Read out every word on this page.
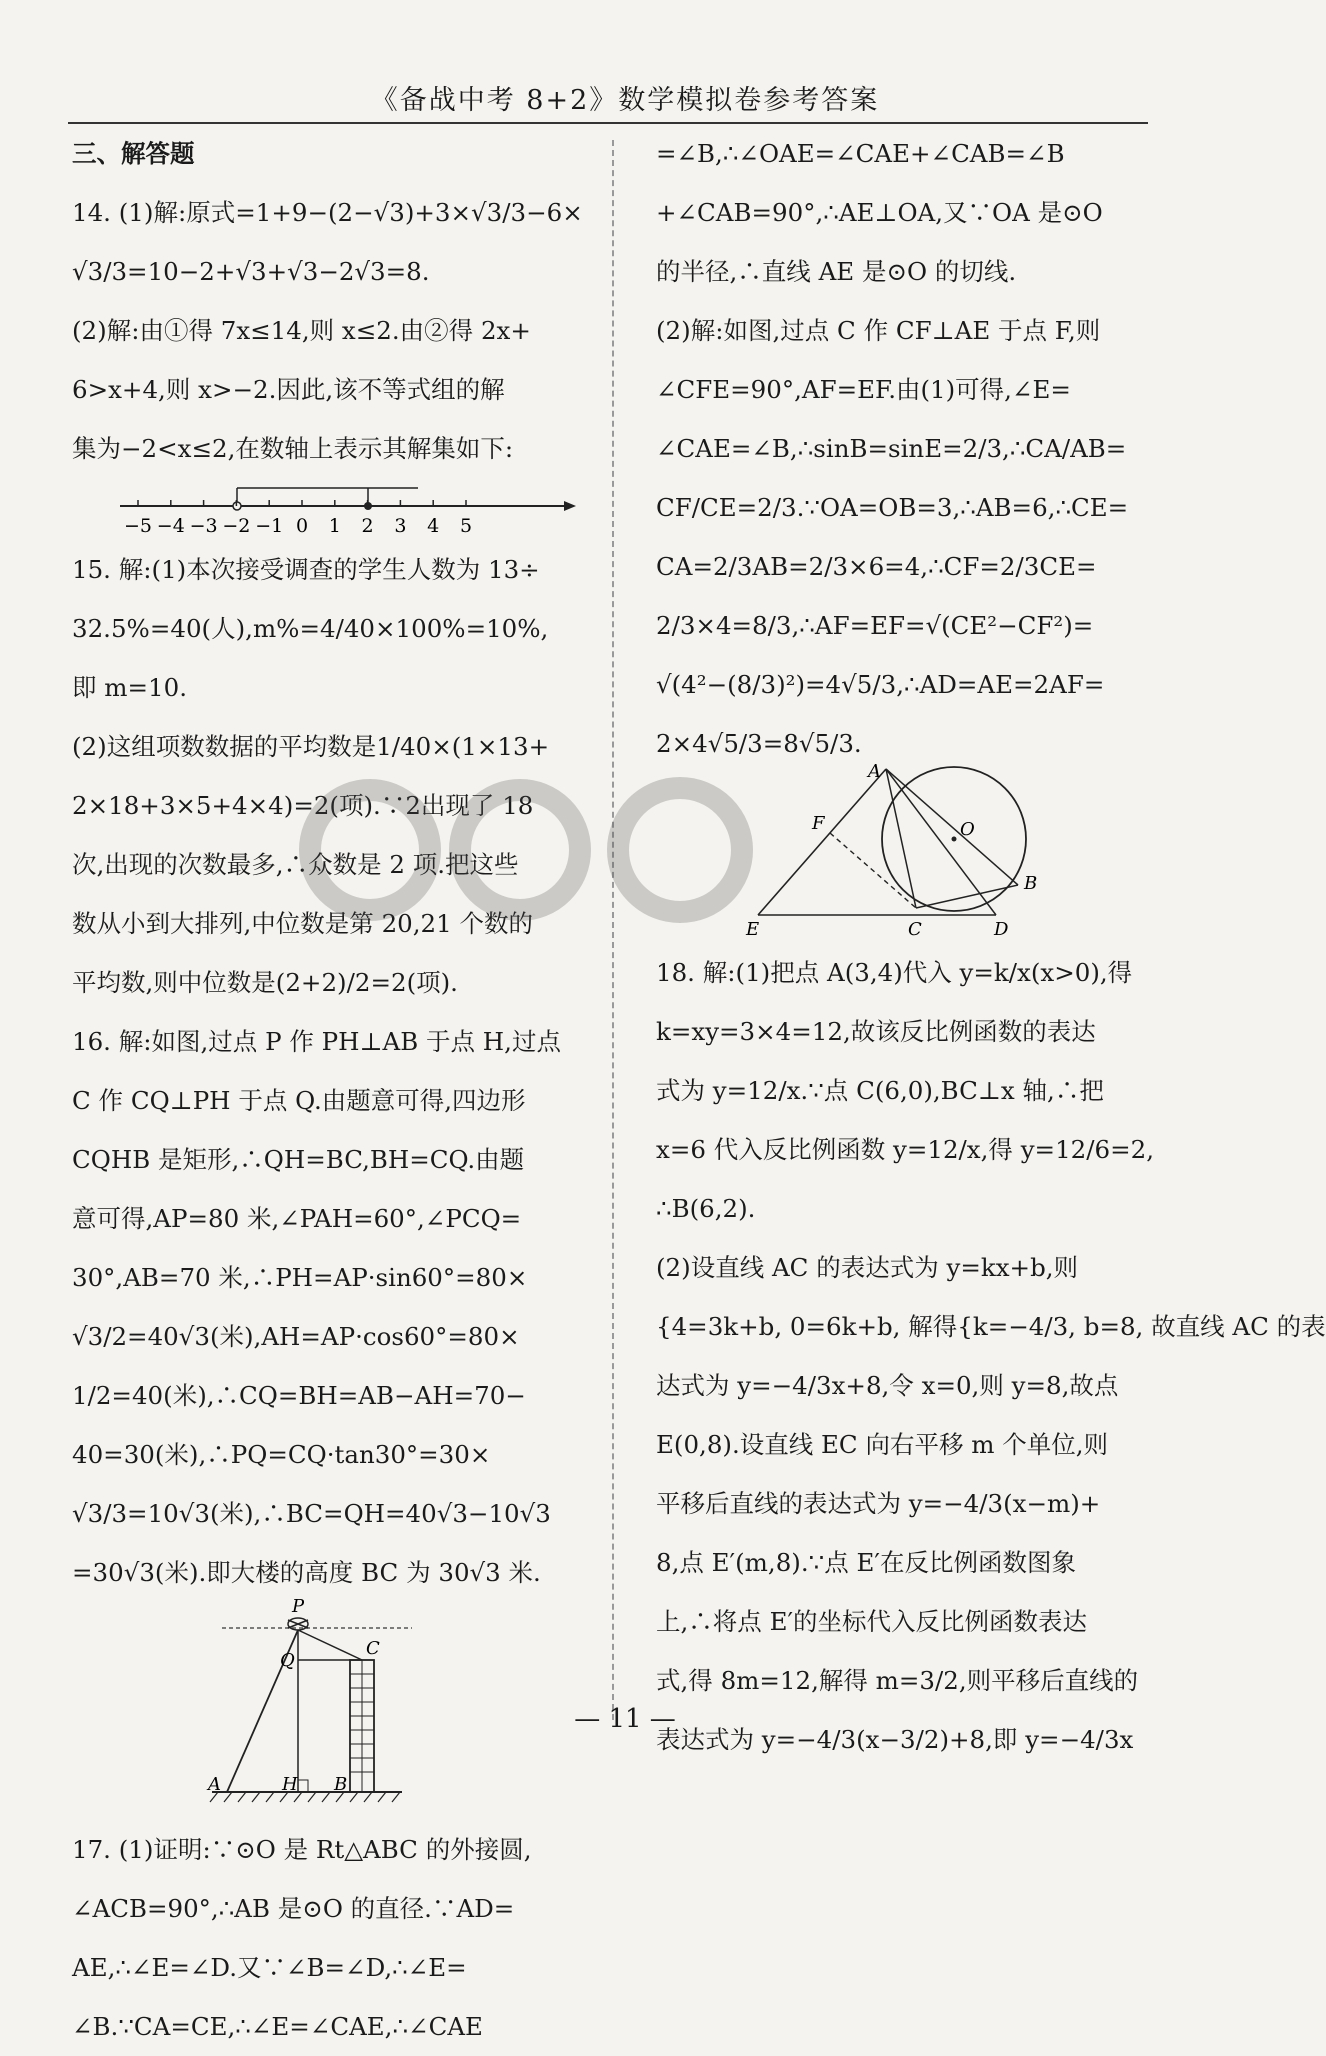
《备战中考 8+2》数学模拟卷参考答案
三、解答题
14. (1)解:原式=1+9−(2−√3)+3×√3/3−6×
√3/3=10−2+√3+√3−2√3=8.
(2)解:由①得 7x≤14,则 x≤2.由②得 2x+
6>x+4,则 x>−2.因此,该不等式组的解
集为−2<x≤2,在数轴上表示其解集如下:
−5 −4 −3 −2 −1 0 1 2 3 4 5
15. 解:(1)本次接受调查的学生人数为 13÷
32.5%=40(人),m%=4/40×100%=10%,
即 m=10.
(2)这组项数数据的平均数是1/40×(1×13+
2×18+3×5+4×4)=2(项).∵2出现了 18
次,出现的次数最多,∴众数是 2 项.把这些
数从小到大排列,中位数是第 20,21 个数的
平均数,则中位数是(2+2)/2=2(项).
16. 解:如图,过点 P 作 PH⊥AB 于点 H,过点
C 作 CQ⊥PH 于点 Q.由题意可得,四边形
CQHB 是矩形,∴QH=BC,BH=CQ.由题
意可得,AP=80 米,∠PAH=60°,∠PCQ=
30°,AB=70 米,∴PH=AP·sin60°=80×
√3/2=40√3(米),AH=AP·cos60°=80×
1/2=40(米),∴CQ=BH=AB−AH=70−
40=30(米),∴PQ=CQ·tan30°=30×
√3/3=10√3(米),∴BC=QH=40√3−10√3
=30√3(米).即大楼的高度 BC 为 30√3 米.
P
Q
C
A	H B
17. (1)证明:∵⊙O 是 Rt△ABC 的外接圆,
∠ACB=90°,∴AB 是⊙O 的直径.∵AD=
AE,∴∠E=∠D.又∵∠B=∠D,∴∠E=
∠B.∵CA=CE,∴∠E=∠CAE,∴∠CAE
=∠B,∴∠OAE=∠CAE+∠CAB=∠B
+∠CAB=90°,∴AE⊥OA,又∵OA 是⊙O
的半径,∴直线 AE 是⊙O 的切线.
(2)解:如图,过点 C 作 CF⊥AE 于点 F,则
∠CFE=90°,AF=EF.由(1)可得,∠E=
∠CAE=∠B,∴sinB=sinE=2/3,∴CA/AB=
CF/CE=2/3.∵OA=OB=3,∴AB=6,∴CE=
CA=2/3AB=2/3×6=4,∴CF=2/3CE=
2/3×4=8/3,∴AF=EF=√(CE²−CF²)=
√(4²−(8/3)²)=4√5/3,∴AD=AE=2AF=
2×4√5/3=8√5/3.
A
O
F
B
E	C	D
18. 解:(1)把点 A(3,4)代入 y=k/x(x>0),得
k=xy=3×4=12,故该反比例函数的表达
式为 y=12/x.∵点 C(6,0),BC⊥x 轴,∴把
x=6 代入反比例函数 y=12/x,得 y=12/6=2,
∴B(6,2).
(2)设直线 AC 的表达式为 y=kx+b,则
{4=3k+b, 0=6k+b, 解得{k=−4/3, b=8, 故直线 AC 的表
达式为 y=−4/3x+8,令 x=0,则 y=8,故点
E(0,8).设直线 EC 向右平移 m 个单位,则
平移后直线的表达式为 y=−4/3(x−m)+
8,点 E′(m,8).∵点 E′在反比例函数图象
上,∴将点 E′的坐标代入反比例函数表达
式,得 8m=12,解得 m=3/2,则平移后直线的
表达式为 y=−4/3(x−3/2)+8,即 y=−4/3x
— 11 —
